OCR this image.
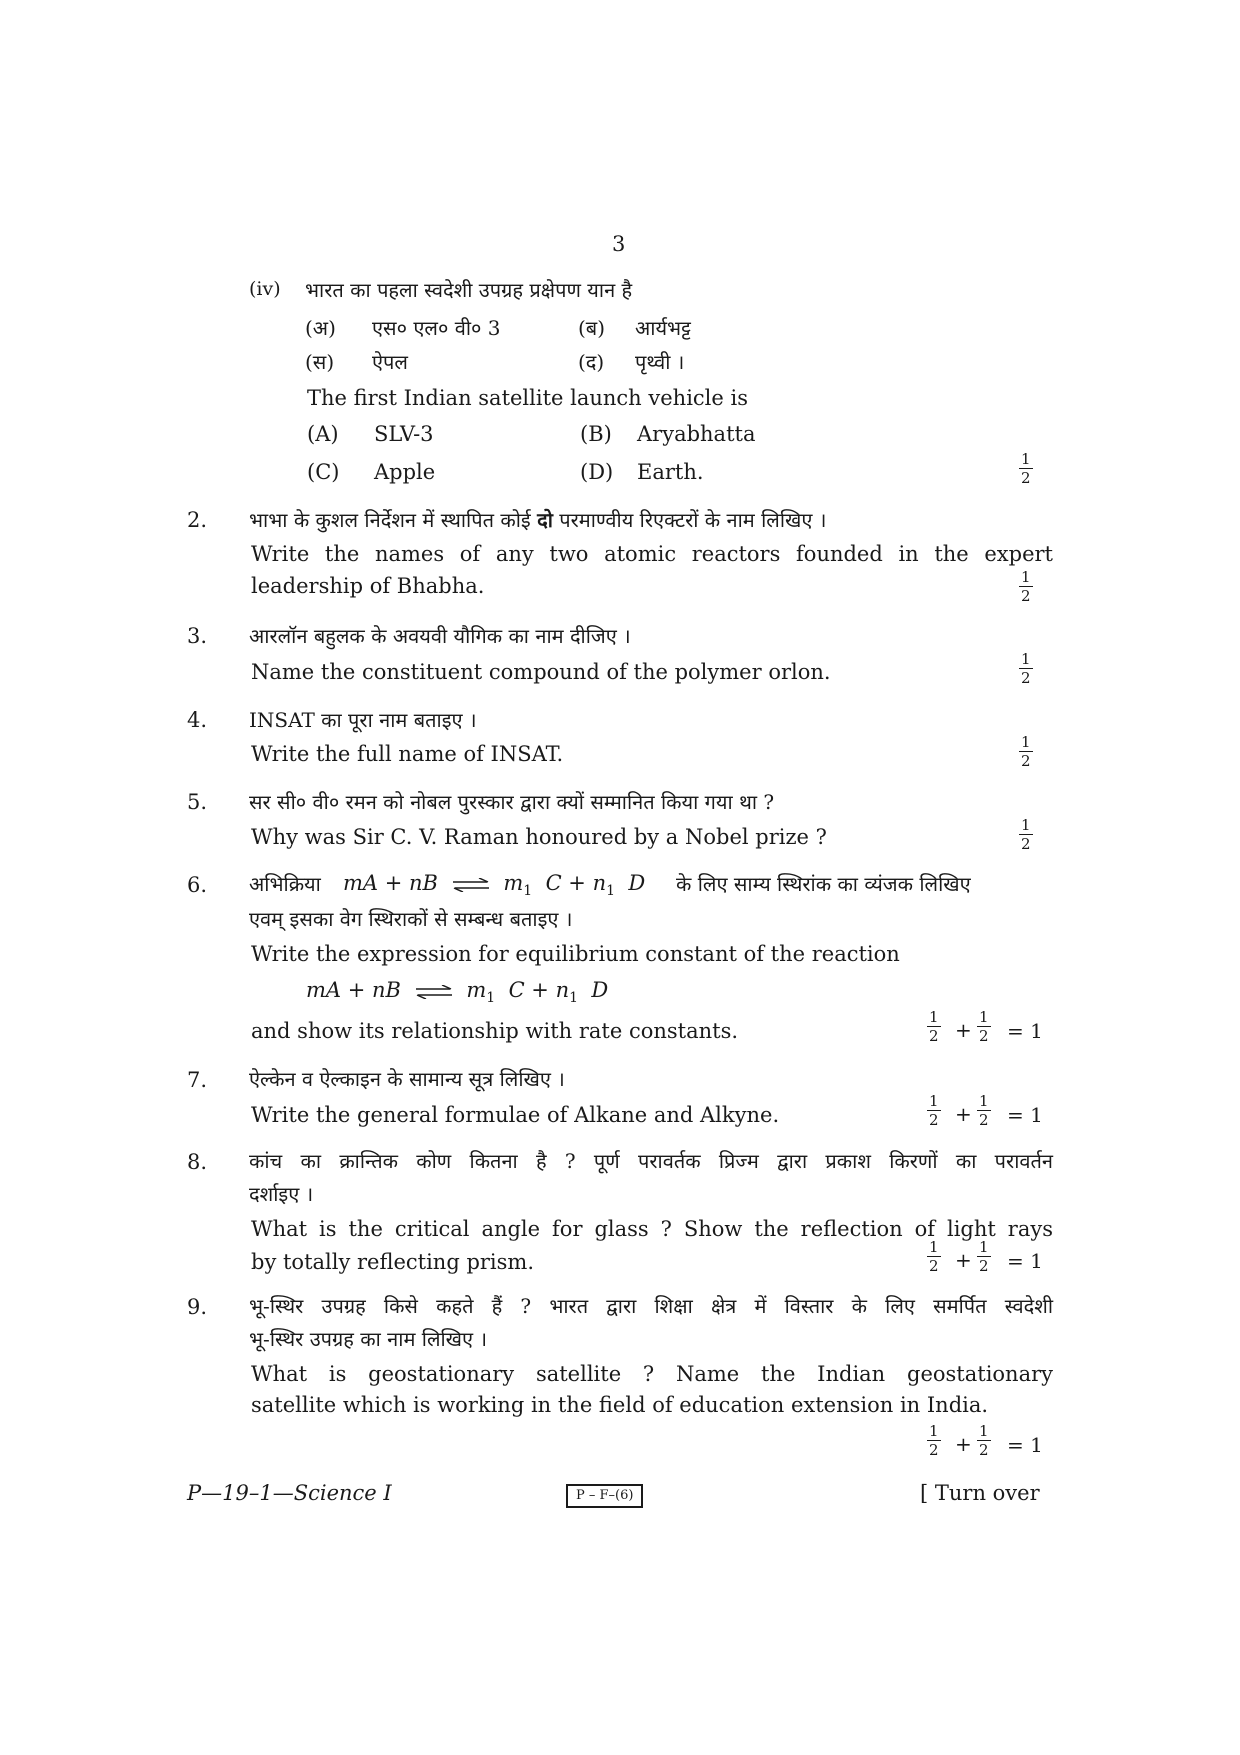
3
(iv) भारत का पहला स्वदेशी उपग्रह प्रक्षेपण यान है
(अ) एस० एल० वी० 3	(ब) आर्यभट्ट
(स) ऐपल	(द) पृथ्वी ।
The first Indian satellite launch vehicle is
(A) SLV-3	(B) Aryabhatta
(C) Apple	(D) Earth.	$\frac{1}{2}$
2. भाभा के कुशल निर्देशन में स्थापित कोई दो परमाण्वीय रिएक्टरों के नाम लिखिए ।
Write the names of any two atomic reactors founded in the expert
leadership of Bhabha.	$\frac{1}{2}$
3. आरलॉन बहुलक के अवयवी यौगिक का नाम दीजिए ।
Name the constituent compound of the polymer orlon.	$\frac{1}{2}$
4. INSAT का पूरा नाम बताइए ।
Write the full name of INSAT.	$\frac{1}{2}$
5. सर सी० वी० रमन को नोबल पुरस्कार द्वारा क्यों सम्मानित किया गया था ?
Why was Sir C. V. Raman honoured by a Nobel prize ?	$\frac{1}{2}$
6. अभिक्रिया mA + nB ⇌ $m_1$ $C + n_1$ D के लिए साम्य स्थिरांक का व्यंजक लिखिए
एवम् इसका वेग स्थिराकों से सम्बन्ध बताइए ।
Write the expression for equilibrium constant of the reaction
mA + nB ⇌ $m_1$ $C + n_1$ D
and show its relationship with rate constants.	$\frac{1}{2} + \frac{1}{2} = 1$
7. ऐल्केन व ऐल्काइन के सामान्य सूत्र लिखिए ।
Write the general formulae of Alkane and Alkyne.	$\frac{1}{2} + \frac{1}{2} = 1$
8. कांच का क्रान्तिक कोण कितना है ? पूर्ण परावर्तक प्रिज्म द्वारा प्रकाश किरणों का परावर्तन
दर्शाइए ।
What is the critical angle for glass ? Show the reflection of light rays
by totally reflecting prism.	$\frac{1}{2} + \frac{1}{2} = 1$
9. भू-स्थिर उपग्रह किसे कहते हैं ? भारत द्वारा शिक्षा क्षेत्र में विस्तार के लिए समर्पित स्वदेशी
भू-स्थिर उपग्रह का नाम लिखिए ।
What is geostationary satellite ? Name the Indian geostationary
satellite which is working in the field of education extension in India.
$\frac{1}{2} + \frac{1}{2} = 1$
P—19–1—Science I	P – F–(6)	[ Turn over
